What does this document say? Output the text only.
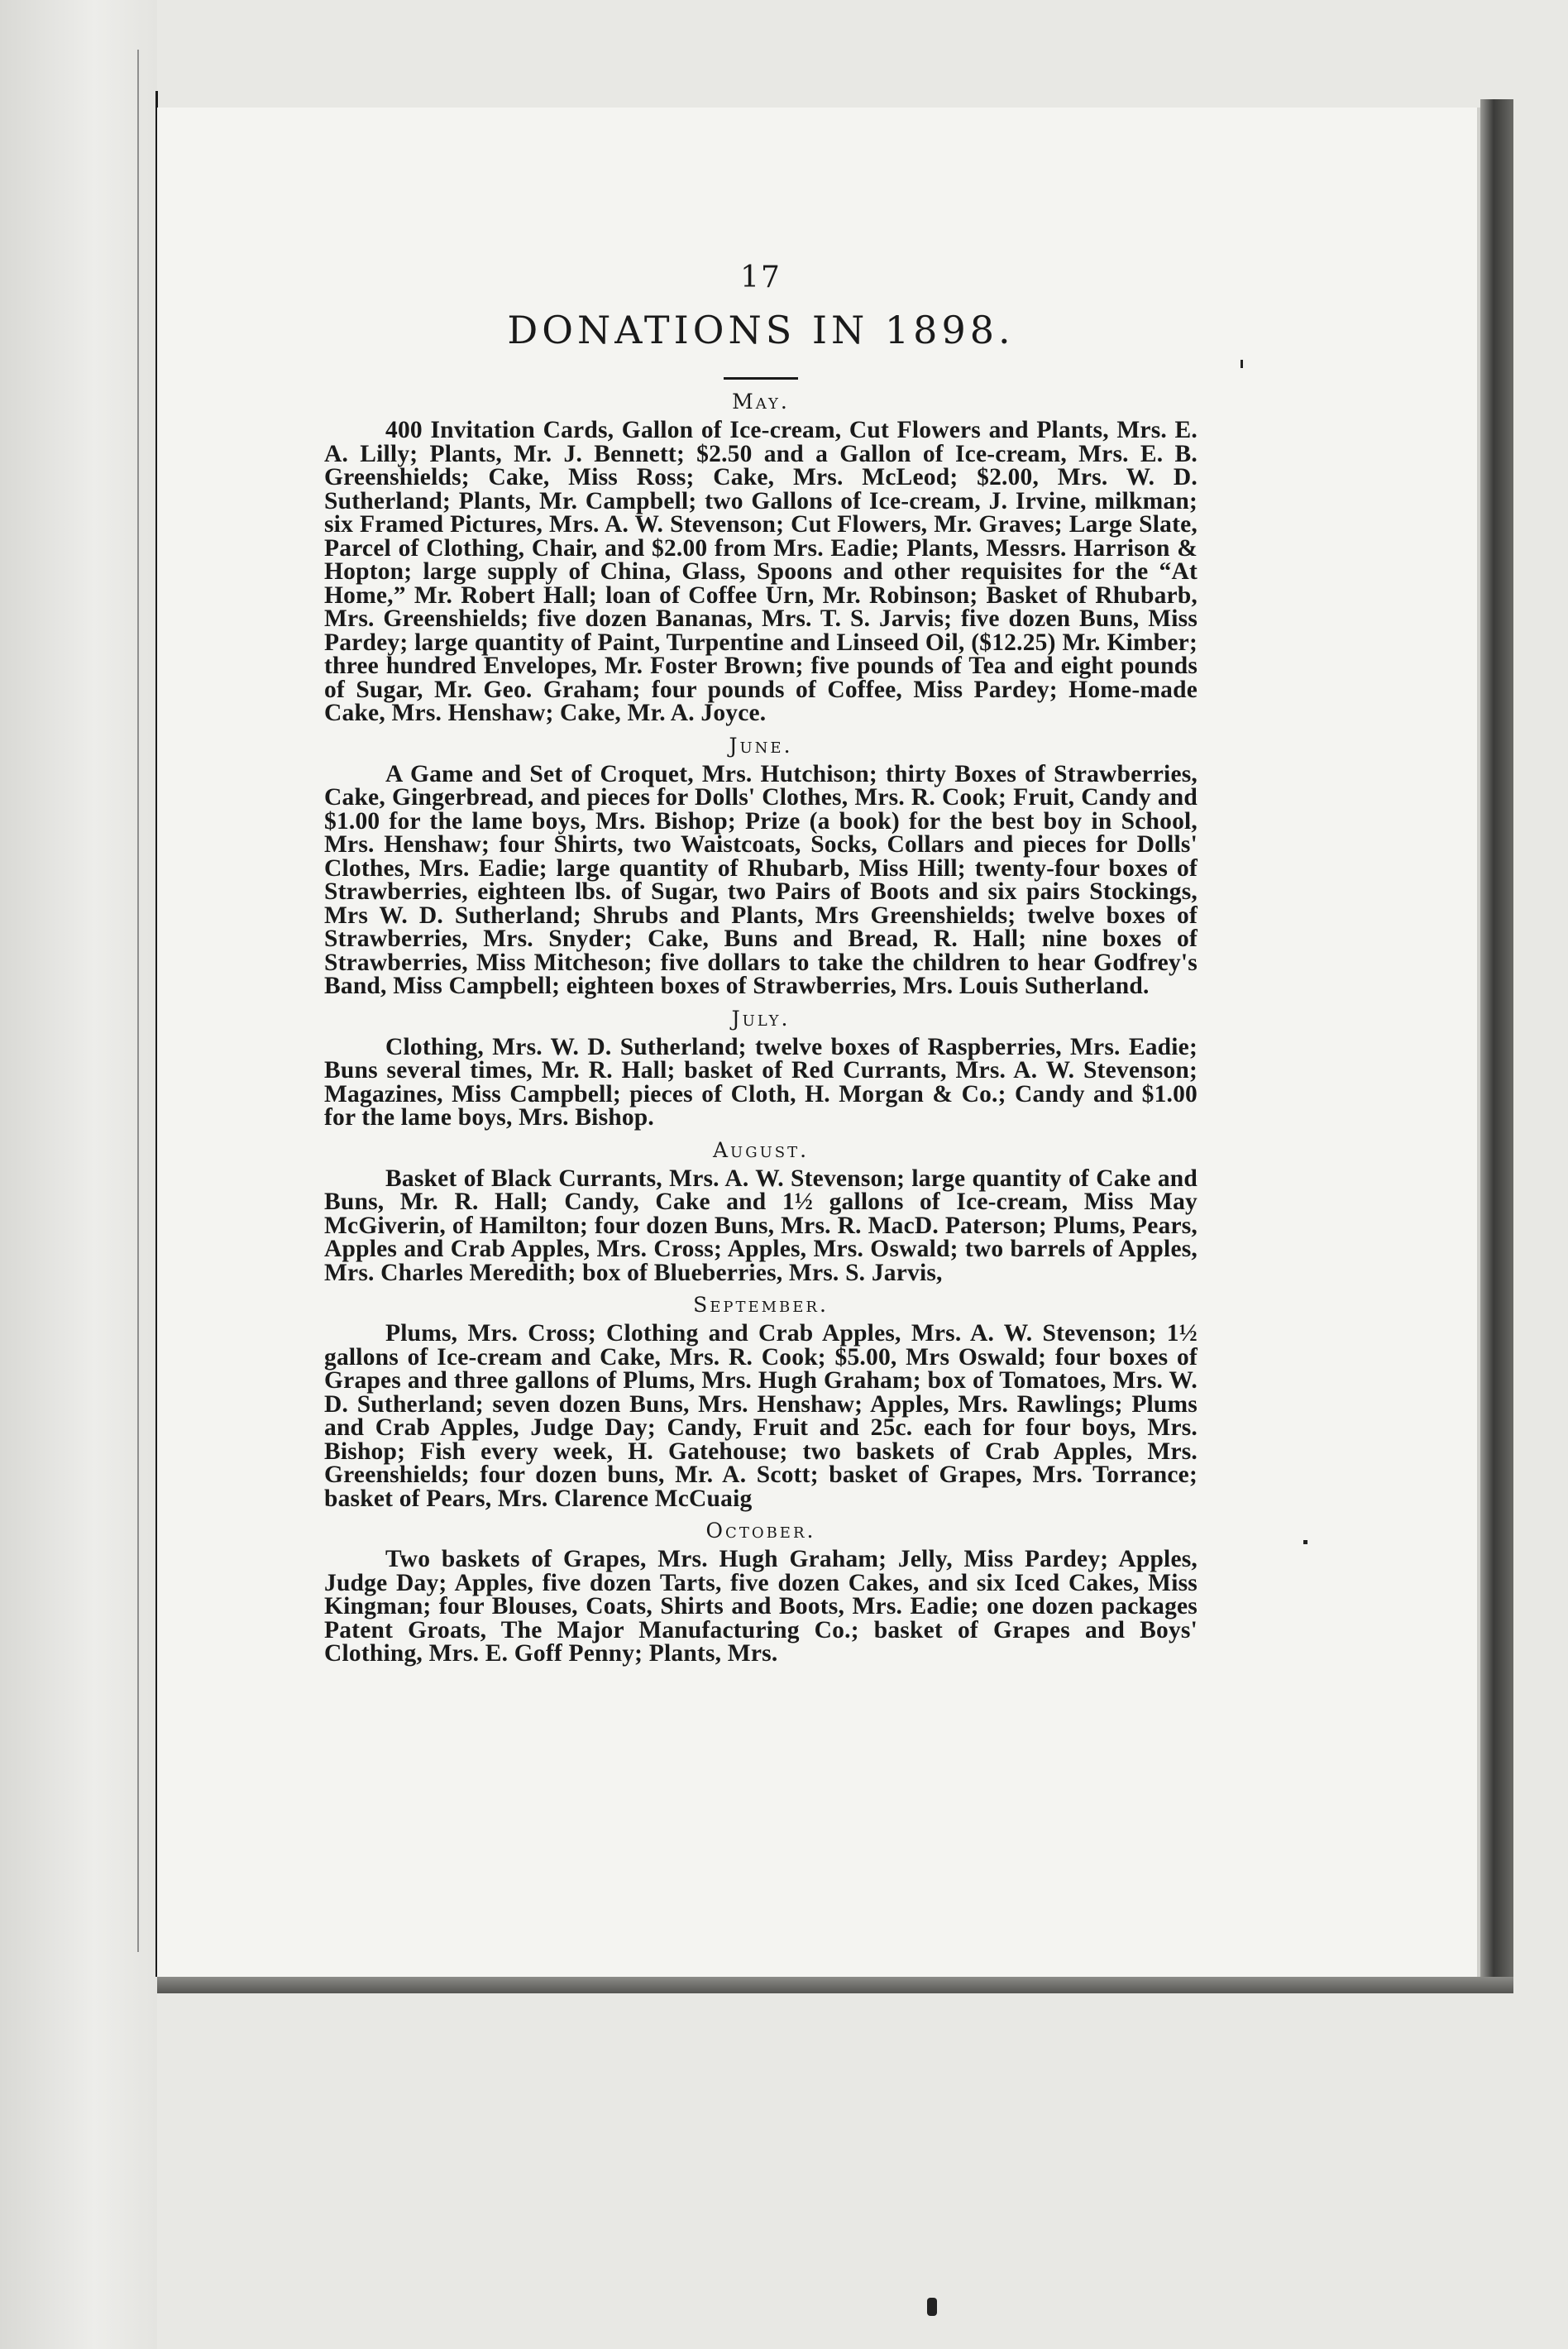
17
DONATIONS IN 1898.
May.

400 Invitation Cards, Gallon of Ice-cream, Cut Flowers and Plants, Mrs. E. A. Lilly; Plants, Mr. J. Bennett; $2.50 and a Gallon of Ice-cream, Mrs. E. B. Greenshields; Cake, Miss Ross; Cake, Mrs. McLeod; $2.00, Mrs. W. D. Sutherland; Plants, Mr. Campbell; two Gallons of Ice-cream, J. Irvine, milkman; six Framed Pictures, Mrs. A. W. Stevenson; Cut Flowers, Mr. Graves; Large Slate, Parcel of Clothing, Chair, and $2.00 from Mrs. Eadie; Plants, Messrs. Harrison & Hopton; large supply of China, Glass, Spoons and other requisites for the “At Home,” Mr. Robert Hall; loan of Coffee Urn, Mr. Robinson; Basket of Rhubarb, Mrs. Greenshields; five dozen Bananas, Mrs. T. S. Jarvis; five dozen Buns, Miss Pardey; large quantity of Paint, Turpentine and Linseed Oil, ($12.25) Mr. Kimber; three hundred Envelopes, Mr. Foster Brown; five pounds of Tea and eight pounds of Sugar, Mr. Geo. Graham; four pounds of Coffee, Miss Pardey; Home-made Cake, Mrs. Henshaw; Cake, Mr. A. Joyce.

June.

A Game and Set of Croquet, Mrs. Hutchison; thirty Boxes of Strawberries, Cake, Gingerbread, and pieces for Dolls' Clothes, Mrs. R. Cook; Fruit, Candy and $1.00 for the lame boys, Mrs. Bishop; Prize (a book) for the best boy in School, Mrs. Henshaw; four Shirts, two Waistcoats, Socks, Collars and pieces for Dolls' Clothes, Mrs. Eadie; large quantity of Rhubarb, Miss Hill; twenty-four boxes of Strawberries, eighteen lbs. of Sugar, two Pairs of Boots and six pairs Stockings, Mrs W. D. Sutherland; Shrubs and Plants, Mrs Greenshields; twelve boxes of Strawberries, Mrs. Snyder; Cake, Buns and Bread, R. Hall; nine boxes of Strawberries, Miss Mitcheson; five dollars to take the children to hear Godfrey's Band, Miss Campbell; eighteen boxes of Strawberries, Mrs. Louis Sutherland.

July.

Clothing, Mrs. W. D. Sutherland; twelve boxes of Raspberries, Mrs. Eadie; Buns several times, Mr. R. Hall; basket of Red Currants, Mrs. A. W. Stevenson; Magazines, Miss Campbell; pieces of Cloth, H. Morgan & Co.; Candy and $1.00 for the lame boys, Mrs. Bishop.

August.

Basket of Black Currants, Mrs. A. W. Stevenson; large quantity of Cake and Buns, Mr. R. Hall; Candy, Cake and 1½ gallons of Ice-cream, Miss May McGiverin, of Hamilton; four dozen Buns, Mrs. R. MacD. Paterson; Plums, Pears, Apples and Crab Apples, Mrs. Cross; Apples, Mrs. Oswald; two barrels of Apples, Mrs. Charles Meredith; box of Blueberries, Mrs. S. Jarvis,

September.

Plums, Mrs. Cross; Clothing and Crab Apples, Mrs. A. W. Stevenson; 1½ gallons of Ice-cream and Cake, Mrs. R. Cook; $5.00, Mrs Oswald; four boxes of Grapes and three gallons of Plums, Mrs. Hugh Graham; box of Tomatoes, Mrs. W. D. Sutherland; seven dozen Buns, Mrs. Henshaw; Apples, Mrs. Rawlings; Plums and Crab Apples, Judge Day; Candy, Fruit and 25c. each for four boys, Mrs. Bishop; Fish every week, H. Gatehouse; two baskets of Crab Apples, Mrs. Greenshields; four dozen buns, Mr. A. Scott; basket of Grapes, Mrs. Torrance; basket of Pears, Mrs. Clarence McCuaig

October.

Two baskets of Grapes, Mrs. Hugh Graham; Jelly, Miss Pardey; Apples, Judge Day; Apples, five dozen Tarts, five dozen Cakes, and six Iced Cakes, Miss Kingman; four Blouses, Coats, Shirts and Boots, Mrs. Eadie; one dozen packages Patent Groats, The Major Manufacturing Co.; basket of Grapes and Boys' Clothing, Mrs. E. Goff Penny; Plants, Mrs.
